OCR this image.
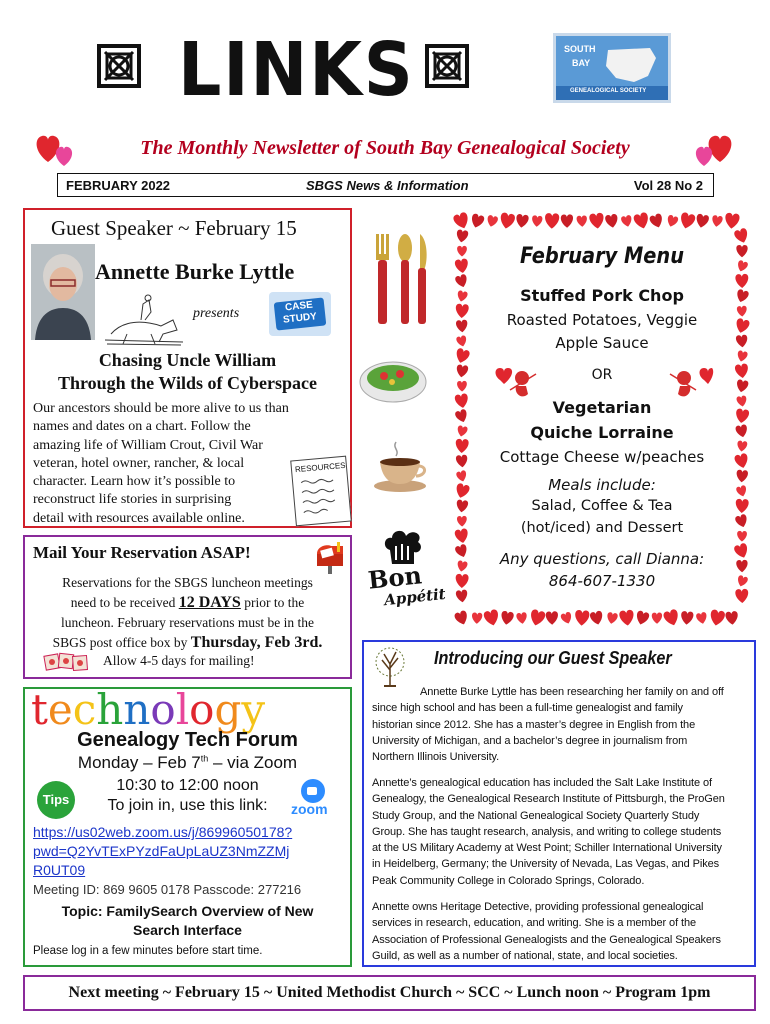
LINKS	SOUTH
BAY
GENEALOGICAL SOCIETY
The Monthly Newsletter of South Bay Genealogical Society
FEBRUARY 2022	SBGS News & Information	Vol 28 No 2
Guest Speaker ~ February 15
Annette Burke Lyttle
presents	CASE
STUDY
Chasing Uncle William
Through the Wilds of Cyberspace
Our ancestors should be more alive to us than
names and dates on a chart. Follow the
amazing life of William Crout, Civil War
veteran, hotel owner, rancher, & local
character. Learn how it’s possible to
reconstruct life stories in surprising
detail with resources available online.
RESOURCES
Mail Your Reservation ASAP!
Reservations for the SBGS luncheon meetings
need to be received 12 DAYS prior to the
luncheon. February reservations must be in the
SBGS post office box by Thursday, Feb 3rd.
Allow 4-5 days for mailing!
technology
Genealogy Tech Forum
Monday – Feb 7th – via Zoom
Tips
10:30 to 12:00 noon
To join in, use this link:	zoom
https://us02web.zoom.us/j/86996050178?
pwd=Q2YvTExPYzdFaUpLaUZ3NmZZMj
R0UT09
Meeting ID: 869 9605 0178 Passcode: 277216
Topic: FamilySearch Overview of New
Search Interface
Please log in a few minutes before start time.
Bon
Appétit
February Menu
Stuffed Pork Chop
Roasted Potatoes, Veggie
Apple Sauce
OR
Vegetarian
Quiche Lorraine
Cottage Cheese w/peaches
Meals include:
Salad, Coffee & Tea
(hot/iced) and Dessert
Any questions, call Dianna:
864-607-1330
Introducing our Guest Speaker
Annette Burke Lyttle has been researching her family on and off
since high school and has been a full-time genealogist and family
historian since 2012. She has a master’s degree in English from the
University of Michigan, and a bachelor’s degree in journalism from
Northern Illinois University.
Annette’s genealogical education has included the Salt Lake Institute of
Genealogy, the Genealogical Research Institute of Pittsburgh, the ProGen
Study Group, and the National Genealogical Society Quarterly Study
Group. She has taught research, analysis, and writing to college students
at the US Military Academy at West Point; Schiller International University
in Heidelberg, Germany; the University of Nevada, Las Vegas, and Pikes
Peak Community College in Colorado Springs, Colorado.
Annette owns Heritage Detective, providing professional genealogical
services in research, education, and writing. She is a member of the
Association of Professional Genealogists and the Genealogical Speakers
Guild, as well as a number of national, state, and local societies.
Next meeting ~ February 15 ~ United Methodist Church ~ SCC ~ Lunch noon ~ Program 1pm
